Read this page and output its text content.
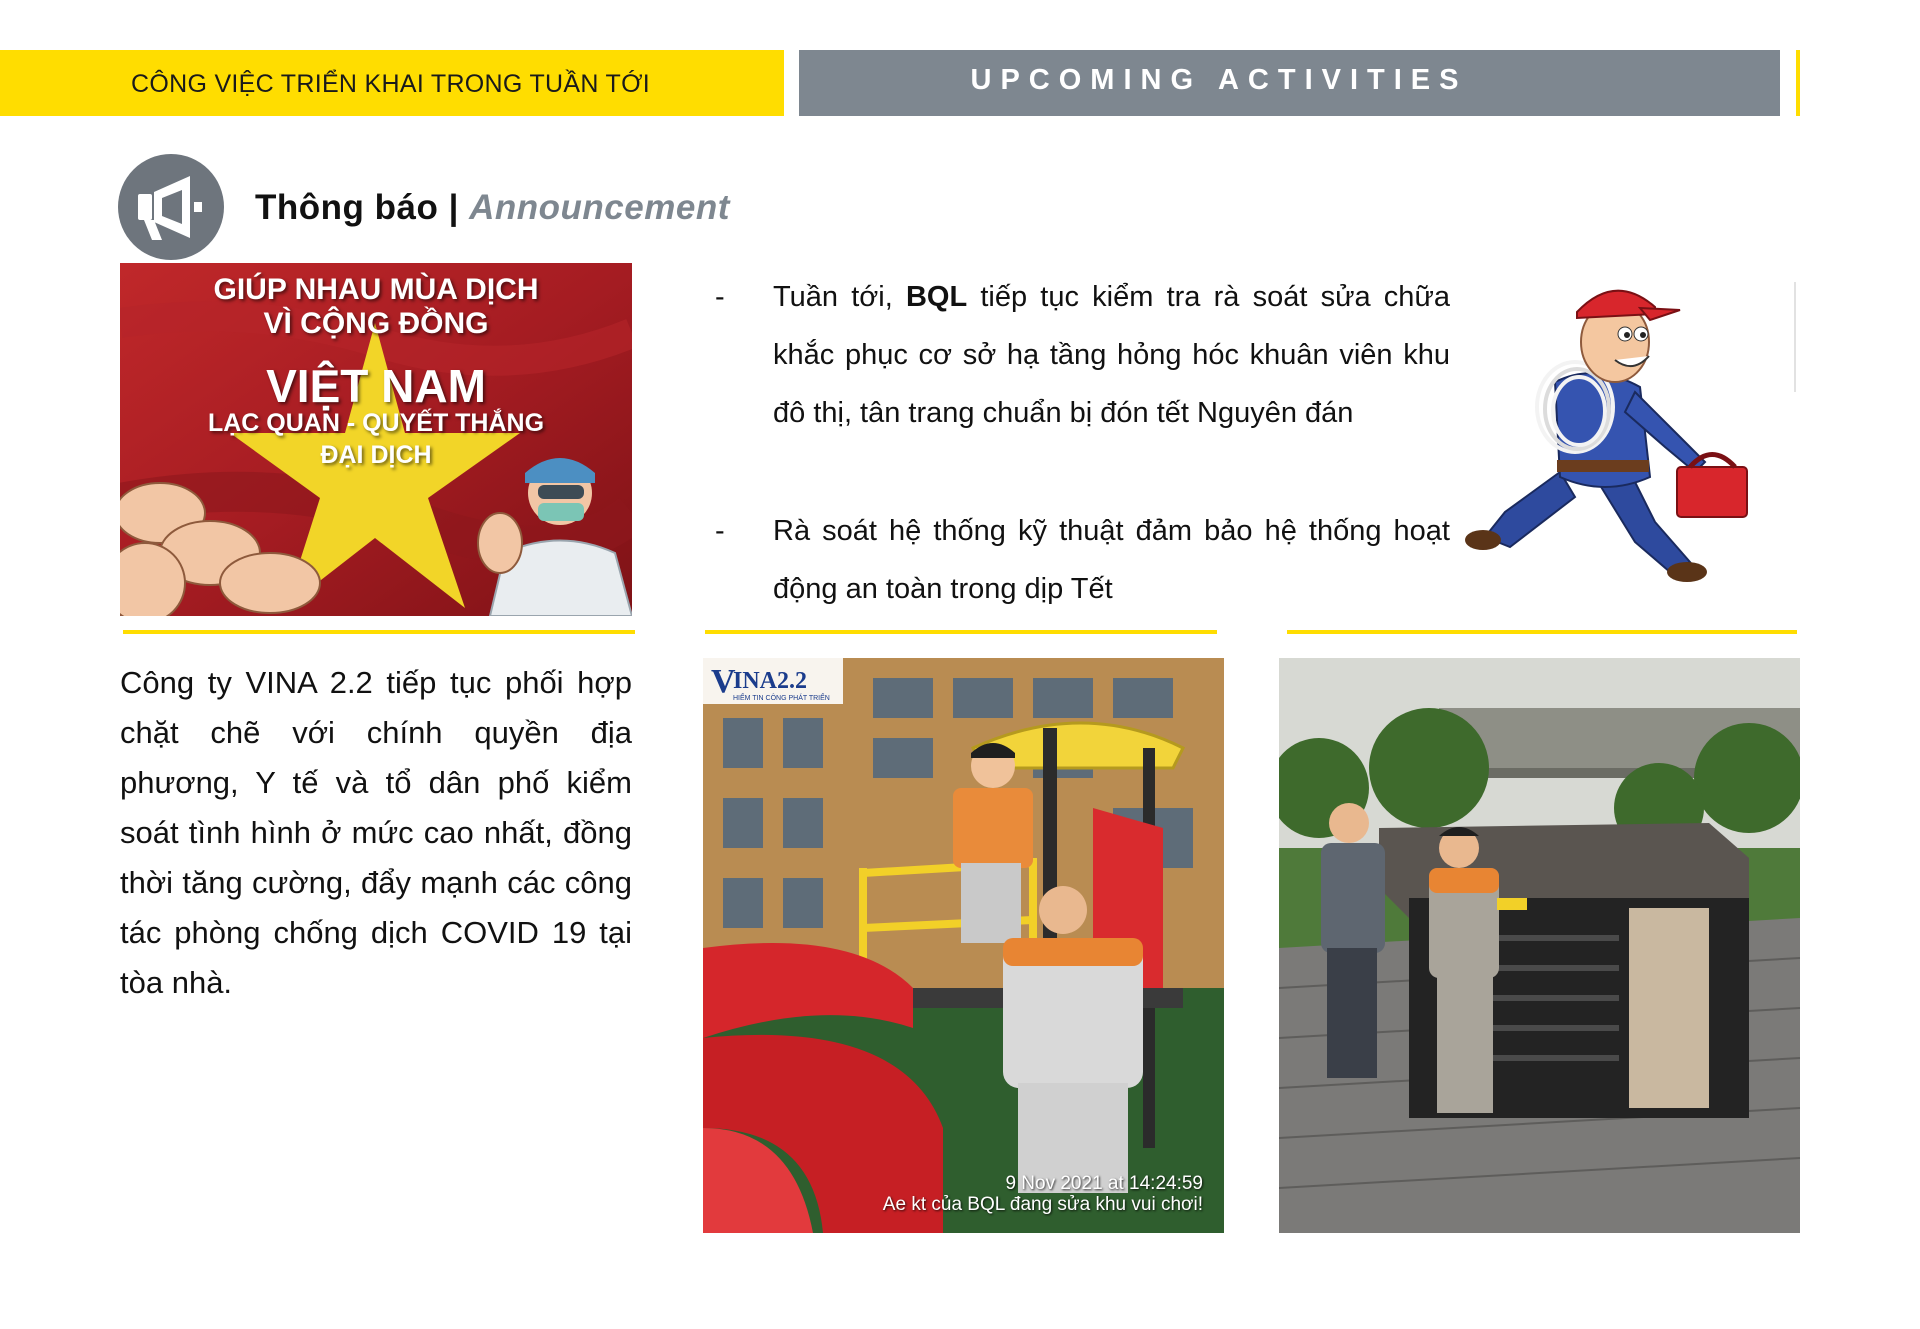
CÔNG VIỆC TRIỂN KHAI TRONG TUẦN TỚI	UPCOMING ACTIVITIES
Thông báo | Announcement
GIÚP NHAU MÙA DỊCH
VÌ CỘNG ĐỒNG
VIỆT NAM
LẠC QUAN - QUYẾT THẮNG
ĐẠI DỊCH
Công ty VINA 2.2 tiếp tục phối hợp chặt chẽ với chính quyền địa phương, Y tế và tổ dân phố kiểm soát tình hình ở mức cao nhất, đồng thời tăng cường, đẩy mạnh các công tác phòng chống dịch COVID 19 tại tòa nhà.
- Tuần tới, BQL tiếp tục kiểm tra rà soát sửa chữa khắc phục cơ sở hạ tầng hỏng hóc khuân viên khu đô thị, tân trang chuẩn bị đón tết Nguyên đán
- Rà soát hệ thống kỹ thuật đảm bảo hệ thống hoạt động an toàn trong dịp Tết
V
INA2.2
HIỂM TIN CÔNG PHÁT TRIỂN
9 Nov 2021 at 14:24:59
Ae kt của BQL đang sửa khu vui chơi!
